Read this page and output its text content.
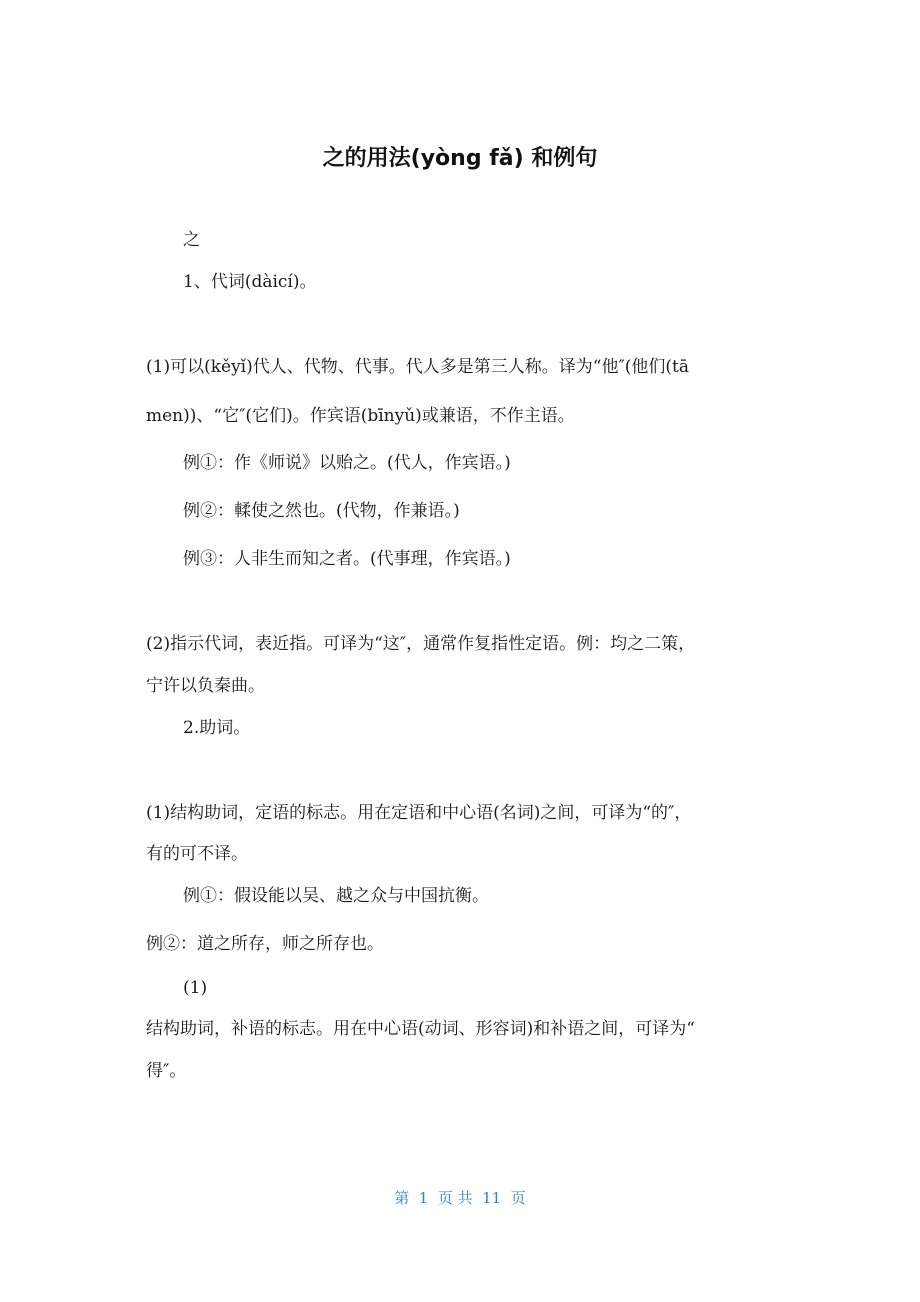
之的用法(yòng fǎ) 和例句
之
1、代词(dàicí)。
(1)可以(kěyǐ)代人、代物、代事。代人多是第三人称。译为“他″(他们(tā
men))、“它″(它们)。作宾语(bīnyǔ)或兼语，不作主语。
例①：作《师说》以贻之。(代人，作宾语。)
例②：輮使之然也。(代物，作兼语。)
例③：人非生而知之者。(代事理，作宾语。)
(2)指示代词，表近指。可译为“这″，通常作复指性定语。例：均之二策，
宁许以负秦曲。
2.助词。
(1)结构助词，定语的标志。用在定语和中心语(名词)之间，可译为“的″，
有的可不译。
例①：假设能以吴、越之众与中国抗衡。
例②：道之所存，师之所存也。
(1)
结构助词，补语的标志。用在中心语(动词、形容词)和补语之间，可译为“
得″。
第  1  页 共  11  页
